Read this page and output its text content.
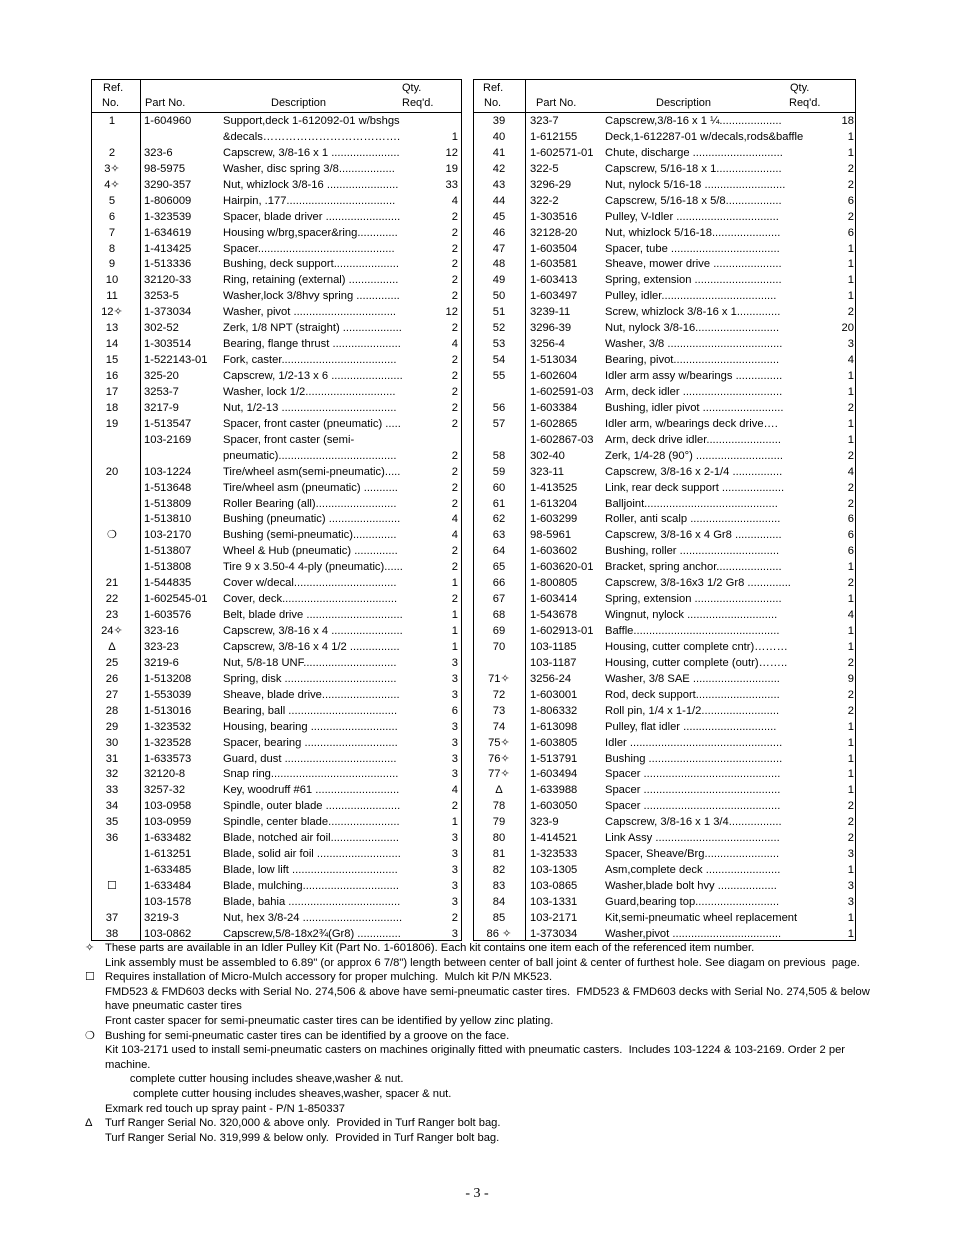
Ref.
No. Part No.	Description
Qty.
Req'd.
1	1-604960	Support,deck 1-612092-01 w/bshgs
&decals……………………………….	1
2	323-6	Capscrew, 3/8-16 x 1 ......................	12
3✧	98-5975	Washer, disc spring 3/8..................	19
4✧	3290-357	Nut, whizlock 3/8-16 .......................	33
5	1-806009	Hairpin, .177...................................	4
6	1-323539	Spacer, blade driver ........................	2
7	1-634619	Housing w/brg,spacer&ring.............	2
8	1-413425	Spacer............................................	2
9	1-513336	Bushing, deck support.....................	2
10	32120-33	Ring, retaining (external) ................	2
11	3253-5	Washer,lock 3/8hvy spring ..............	2
12✧	1-373034	Washer, pivot .................................	12
13	302-52	Zerk, 1/8 NPT (straight) ...................	2
14	1-303514	Bearing, flange thrust ......................	4
15	1-522143-01	Fork, caster.....................................	2
16	325-20	Capscrew, 1/2-13 x 6 .......................	2
17	3253-7	Washer, lock 1/2.............................	2
18	3217-9	Nut, 1/2-13 .....................................	2
19	1-513547	Spacer, front caster (pneumatic) .....	2
103-2169	Spacer, front caster (semi-
pneumatic)......................................	2
20	103-1224	Tire/wheel asm(semi-pneumatic).....	2
1-513648	Tire/wheel asm (pneumatic) ...........	2
1-513809	Roller Bearing (all)..........................	2
1-513810	Bushing (pneumatic) .......................	4
❍	103-2170	Bushing (semi-pneumatic)..............	4
1-513807	Wheel & Hub (pneumatic) ..............	2
1-513808	Tire 9 x 3.50-4 4-ply (pneumatic)......	2
21	1-544835	Cover w/decal.................................	1
22	1-602545-01	Cover, deck.....................................	2
23	1-603576	Belt, blade drive ...............................	1
24✧	323-16	Capscrew, 3/8-16 x 4 .......................	1
Δ	323-23	Capscrew, 3/8-16 x 4 1/2 ................	1
25	3219-6	Nut, 5/8-18 UNF..............................	3
26	1-513208	Spring, disk ....................................	3
27	1-553039	Sheave, blade drive.........................	3
28	1-513016	Bearing, ball ...................................	6
29	1-323532	Housing, bearing ............................	3
30	1-323528	Spacer, bearing ..............................	3
31	1-633573	Guard, dust ....................................	3
32	32120-8	Snap ring.........................................	3
33	3257-32	Key, woodruff #61 ...........................	4
34	103-0958	Spindle, outer blade ........................	2
35	103-0959	Spindle, center blade.......................	1
36	1-633482	Blade, notched air foil......................	3
1-613251	Blade, solid air foil ...........................	3
1-633485	Blade, low lift ..................................	3
☐	1-633484	Blade, mulching...............................	3
103-1578	Blade, bahia ....................................	3
37	3219-3	Nut, hex 3/8-24 ................................	2
38	103-0862	Capscrew,5/8-18x2¾(Gr8) ..............	3
Ref.
No.	Part No.	Description
Qty.
Req'd.
39	323-7	Capscrew,3/8-16 x 1 ¼....................	18
40	1-612155	Deck,1-612287-01 w/decals,rods&baffle	1
41	1-602571-01	Chute, discharge .............................	1
42	322-5	Capscrew, 5/16-18 x 1.....................	2
43	3296-29	Nut, nylock 5/16-18 ..........................	2
44	322-2	Capscrew, 5/16-18 x 5/8..................	6
45	1-303516	Pulley, V-Idler .................................	2
46	32128-20	Nut, whizlock 5/16-18......................	6
47	1-603504	Spacer, tube ...................................	1
48	1-603581	Sheave, mower drive ......................	1
49	1-603413	Spring, extension ............................	1
50	1-603497	Pulley, idler.....................................	1
51	3239-11	Screw, whizlock 3/8-16 x 1..............	2
52	3296-39	Nut, nylock 3/8-16...........................	20
53	3256-4	Washer, 3/8 .....................................	3
54	1-513034	Bearing, pivot..................................	4
55	1-602604	Idler arm assy w/bearings ...............	1
1-602591-03	Arm, deck idler ................................	1
56	1-603384	Bushing, idler pivot ..........................	2
57	1-602865	Idler arm, w/bearings deck drive….	1
1-602867-03	Arm, deck drive idler........................	1
58	302-40	Zerk, 1/4-28 (90°) ............................	2
59	323-11	Capscrew, 3/8-16 x 2-1/4 ................	4
60	1-413525	Link, rear deck support ....................	2
61	1-613204	Balljoint...........................................	2
62	1-603299	Roller, anti scalp .............................	6
63	98-5961	Capscrew, 3/8-16 x 4 Gr8 ...............	6
64	1-603602	Bushing, roller ................................	6
65	1-603620-01	Bracket, spring anchor.....................	1
66	1-800805	Capscrew, 3/8-16x3 1/2 Gr8 ..............	2
67	1-603414	Spring, extension ............................	1
68	1-543678	Wingnut, nylock .............................	4
69	1-602913-01	Baffle...............................................	1
70	103-1185	Housing, cutter complete cntr)………	1
103-1187	Housing, cutter complete (outr)……..	2
71✧	3256-24	Washer, 3/8 SAE ............................	9
72	1-603001	Rod, deck support...........................	2
73	1-806332	Roll pin, 1/4 x 1-1/2.........................	2
74	1-613098	Pulley, flat idler ..............................	1
75✧	1-603805	Idler .................................................	1
76✧	1-513791	Bushing ...........................................	1
77✧	1-603494	Spacer ............................................	1
Δ	1-633988	Spacer ............................................	1
78	1-603050	Spacer ............................................	2
79	323-9	Capscrew, 3/8-16 x 1 3/4.................	2
80	1-414521	Link Assy ........................................	2
81	1-323533	Spacer, Sheave/Brg........................	3
82	103-1305	Asm,complete deck ........................	1
83	103-0865	Washer,blade bolt hvy ...................	3
84	103-1331	Guard,bearing top...........................	3
85	103-2171	Kit,semi-pneumatic wheel replacement	1
86 ✧	1-373034	Washer,pivot ...................................	1
✧ These parts are available in an Idler Pulley Kit (Part No. 1-601806). Each kit contains one item each of the referenced item number.
Link assembly must be assembled to 6.89" (or approx 6 7/8") length between center of ball joint & center of furthest hole. See diagam on previous  page.
☐ Requires installation of Micro-Mulch accessory for proper mulching.  Mulch kit P/N MK523.
FMD523 & FMD603 decks with Serial No. 274,506 & above have semi-pneumatic caster tires.  FMD523 & FMD603 decks with Serial No. 274,505 & below have pneumatic caster tires
Front caster spacer for semi-pneumatic caster tires can be identified by yellow zinc plating.
❍ Bushing for semi-pneumatic caster tires can be identified by a groove on the face.
Kit 103-2171 used to install semi-pneumatic casters on machines originally fitted with pneumatic casters.  Includes 103-1224 & 103-2169. Order 2 per machine.
complete cutter housing includes sheave,washer & nut.
complete cutter housing includes sheaves,washer, spacer & nut.
Exmark red touch up spray paint - P/N 1-850337
Δ Turf Ranger Serial No. 320,000 & above only.  Provided in Turf Ranger bolt bag.
Turf Ranger Serial No. 319,999 & below only.  Provided in Turf Ranger bolt bag.
- 3 -
